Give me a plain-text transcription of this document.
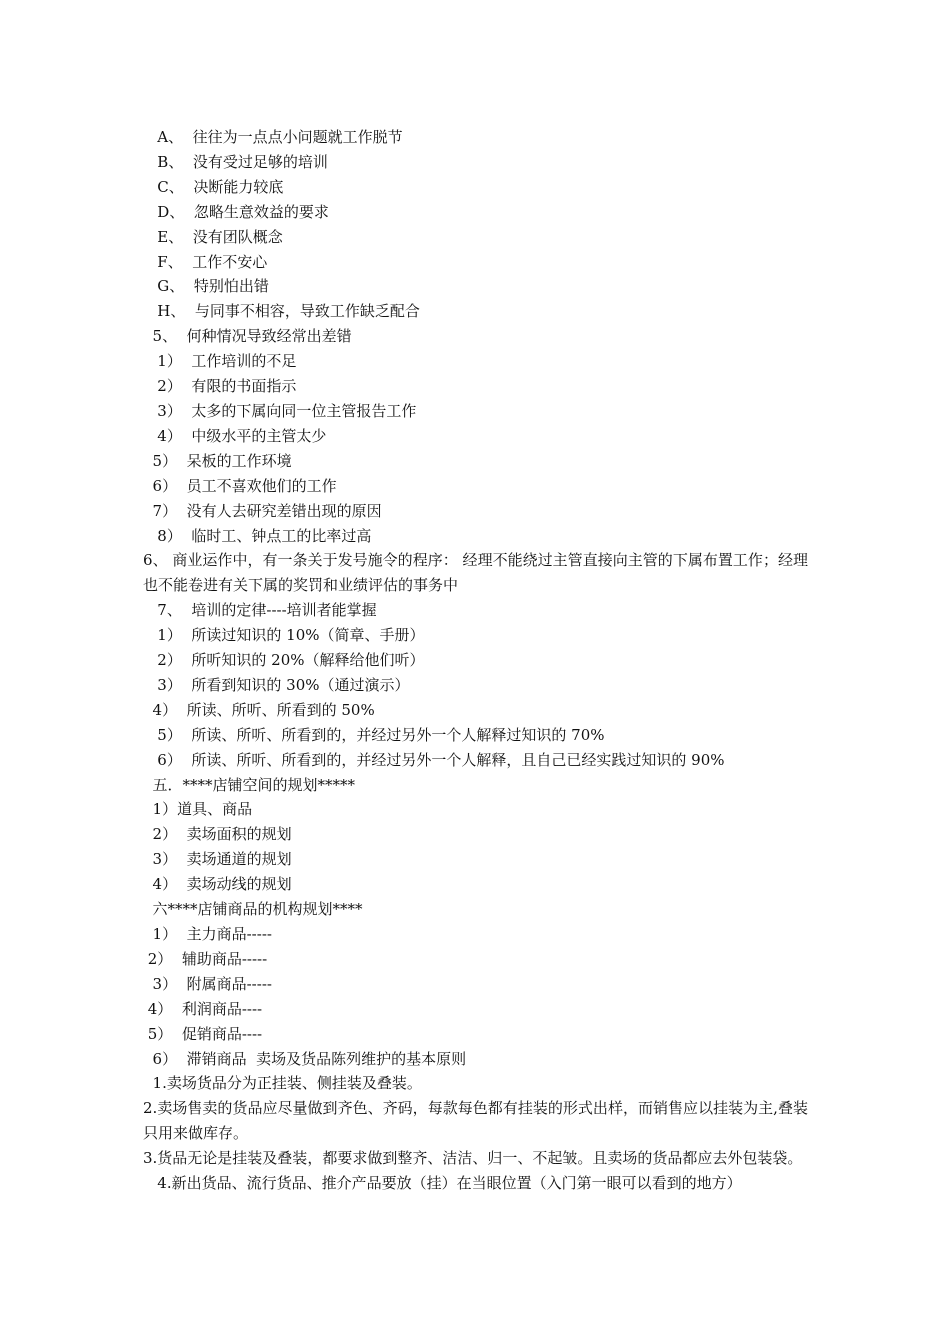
A、  往往为一点点小问题就工作脱节
B、  没有受过足够的培训
C、  决断能力较底
D、  忽略生意效益的要求
E、  没有团队概念
F、  工作不安心
G、  特别怕出错
H、  与同事不相容，导致工作缺乏配合
5、  何种情况导致经常出差错
1）  工作培训的不足
2）  有限的书面指示
3）  太多的下属向同一位主管报告工作
4）  中级水平的主管太少
5）  呆板的工作环境
6）  员工不喜欢他们的工作
7）  没有人去研究差错出现的原因
8）  临时工、钟点工的比率过高
6、 商业运作中，有一条关于发号施令的程序： 经理不能绕过主管直接向主管的下属布置工作；经理也不能卷进有关下属的奖罚和业绩评估的事务中
7、  培训的定律----培训者能掌握
1）  所读过知识的 10%（简章、手册）
2）  所听知识的 20%（解释给他们听）
3）  所看到知识的 30%（通过演示）
4）  所读、所听、所看到的 50%
5）  所读、所听、所看到的，并经过另外一个人解释过知识的 70%
6）  所读、所听、所看到的，并经过另外一个人解释，且自己已经实践过知识的 90%
五．****店铺空间的规划*****
1）道具、商品
2）  卖场面积的规划
3）  卖场通道的规划
4）  卖场动线的规划
六****店铺商品的机构规划****
1）  主力商品-----
2）  辅助商品-----
3）  附属商品-----
4）  利润商品----
5）  促销商品----
6）  滞销商品  卖场及货品陈列维护的基本原则
1.卖场货品分为正挂装、侧挂装及叠装。
2.卖场售卖的货品应尽量做到齐色、齐码，每款每色都有挂装的形式出样，而销售应以挂装为主,叠装只用来做库存。
3.货品无论是挂装及叠装，都要求做到整齐、洁洁、归一、不起皱。且卖场的货品都应去外包装袋。
4.新出货品、流行货品、推介产品要放（挂）在当眼位置（入门第一眼可以看到的地方）
